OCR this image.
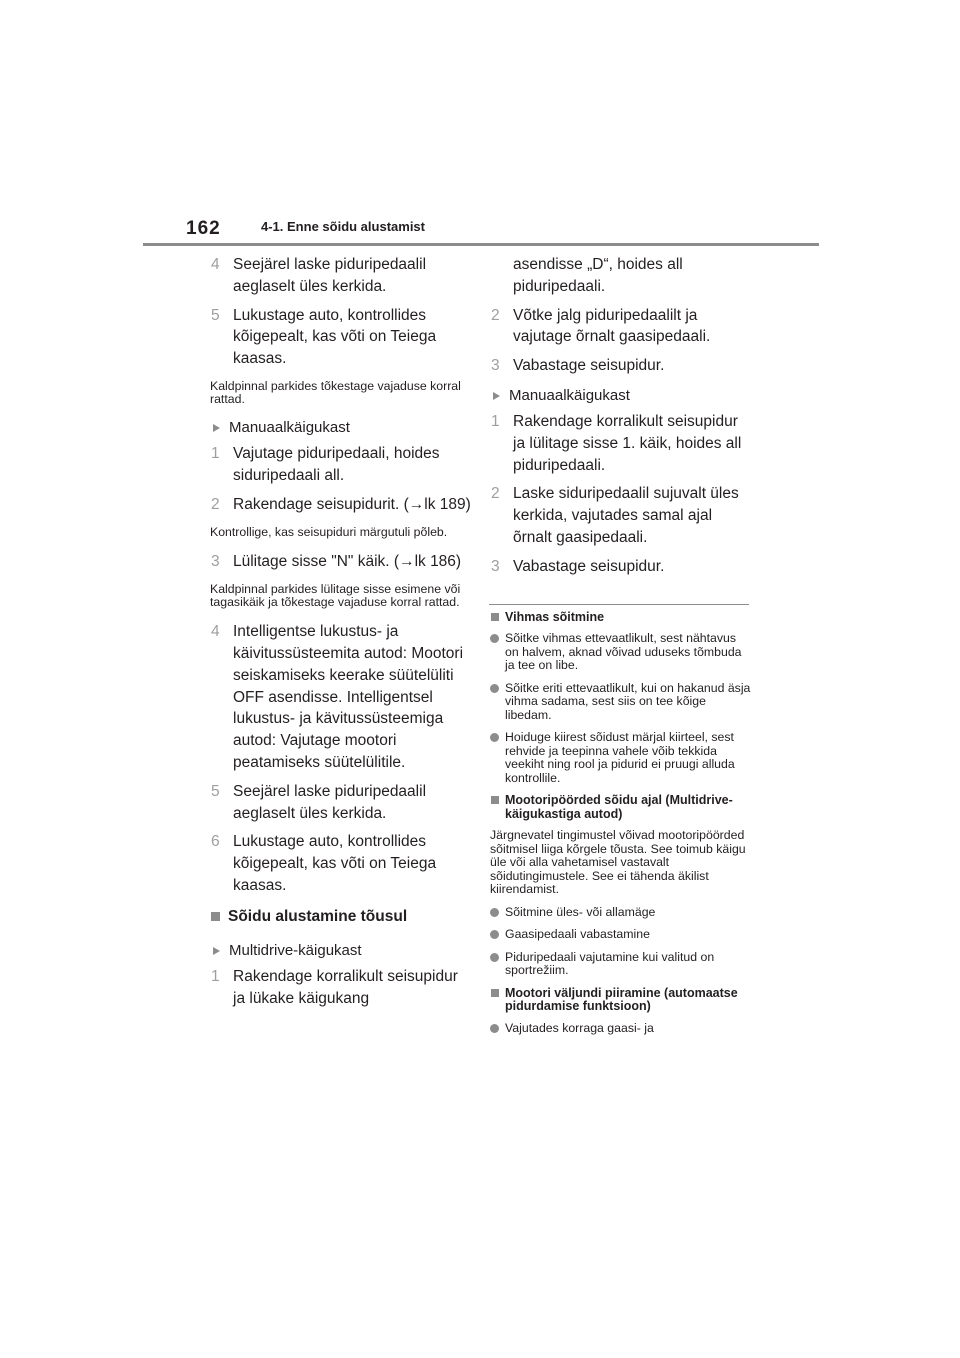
162	4-1. Enne sõidu alustamist
4 Seejärel laske piduripedaalil aeglaselt üles kerkida.
5 Lukustage auto, kontrollides kõigepealt, kas võti on Teiega kaasas.
Kaldpinnal parkides tõkestage vajaduse korral rattad.
Manuaalkäigukast
1 Vajutage piduripedaali, hoides siduripedaali all.
2 Rakendage seisupidurit. (→lk 189)
Kontrollige, kas seisupiduri märgutuli põleb.
3 Lülitage sisse "N" käik. (→lk 186)
Kaldpinnal parkides lülitage sisse esimene või tagasikäik ja tõkestage vajaduse korral rattad.
4 Intelligentse lukustus- ja käivitussüsteemita autod: Mootori seiskamiseks keerake süütelüliti OFF asendisse. Intelligentsel lukustus- ja kävitussüsteemiga autod: Vajutage mootori peatamiseks süütelülitile.
5 Seejärel laske piduripedaalil aeglaselt üles kerkida.
6 Lukustage auto, kontrollides kõigepealt, kas võti on Teiega kaasas.
Sõidu alustamine tõusul
Multidrive-käigukast
1 Rakendage korralikult seisupidur ja lükake käigukang
asendisse „D“, hoides all piduripedaali.
2 Võtke jalg piduripedaalilt ja vajutage õrnalt gaasipedaali.
3 Vabastage seisupidur.
Manuaalkäigukast
1 Rakendage korralikult seisupidur ja lülitage sisse 1. käik, hoides all piduripedaali.
2 Laske siduripedaalil sujuvalt üles kerkida, vajutades samal ajal õrnalt gaasipedaali.
3 Vabastage seisupidur.
Vihmas sõitmine
Sõitke vihmas ettevaatlikult, sest nähtavus on halvem, aknad võivad uduseks tõmbuda ja tee on libe.
Sõitke eriti ettevaatlikult, kui on hakanud äsja vihma sadama, sest siis on tee kõige libedam.
Hoiduge kiirest sõidust märjal kiirteel, sest rehvide ja teepinna vahele võib tekkida veekiht ning rool ja pidurid ei pruugi alluda kontrollile.
Mootoripöörded sõidu ajal (Multidrive-käigukastiga autod)
Järgnevatel tingimustel võivad mootoripöörded sõitmisel liiga kõrgele tõusta. See toimub käigu üle või alla vahetamisel vastavalt sõidutingimustele. See ei tähenda äkilist kiirendamist.
Sõitmine üles- või allamäge
Gaasipedaali vabastamine
Piduripedaali vajutamine kui valitud on sportrežiim.
Mootori väljundi piiramine (automaatse pidurdamise funktsioon)
Vajutades korraga gaasi- ja
